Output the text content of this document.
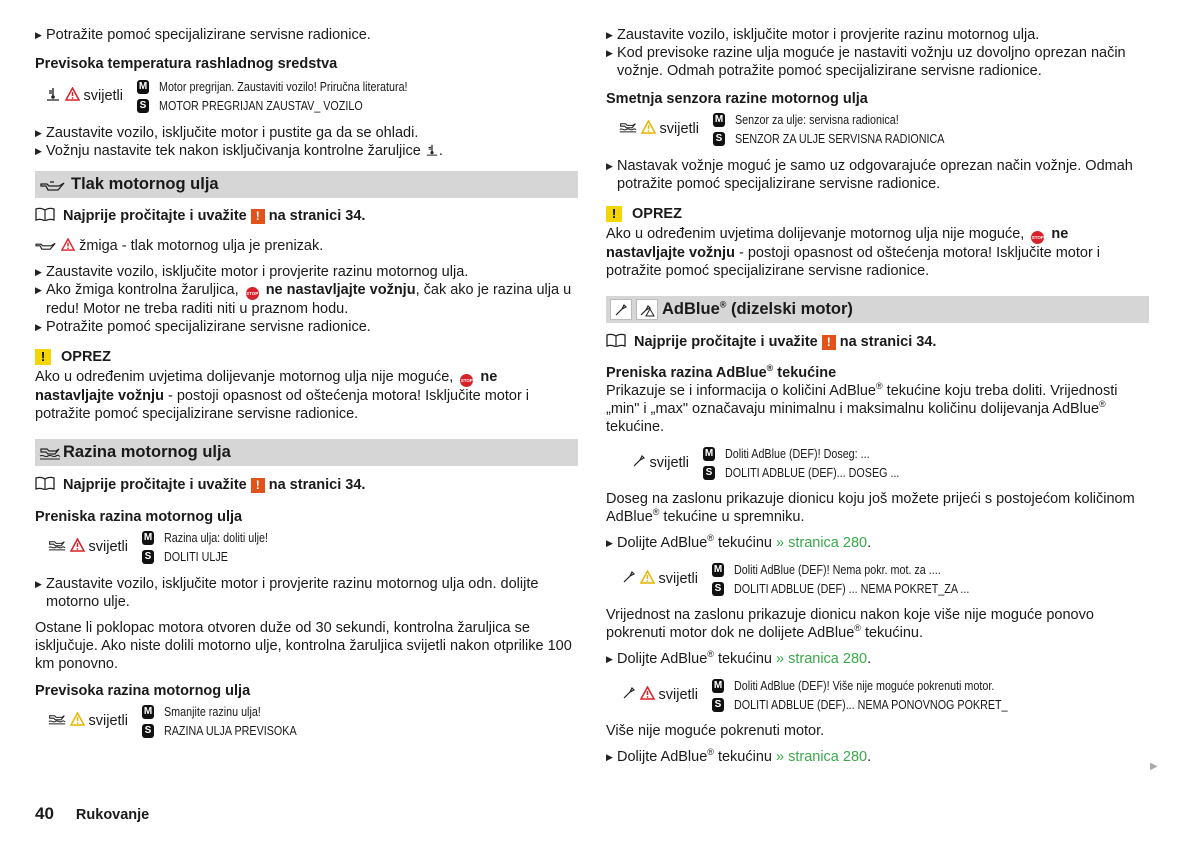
▶ Potražite pomoć specijalizirane servisne radionice.
Previsoka temperatura rashladnog sredstva
svijetli
M Motor pregrijan. Zaustaviti vozilo! Priručna literatura!
S MOTOR PREGRIJAN ZAUSTAV_ VOZILO
▶ Zaustavite vozilo, isključite motor i pustite ga da se ohladi.
▶ Vožnju nastavite tek nakon isključivanja kontrolne žaruljice .
Tlak motornog ulja
Najprije pročitajte i uvažite ! na stranici 34.
žmiga - tlak motornog ulja je prenizak.
▶ Zaustavite vozilo, isključite motor i provjerite razinu motornog ulja.
▶ Ako žmiga kontrolna žaruljica, STOP ne nastavljajte vožnju, čak ako je razina ulja u redu! Motor ne treba raditi niti u praznom hodu.
▶ Potražite pomoć specijalizirane servisne radionice.
!	OPREZ
Ako u određenim uvjetima dolijevanje motornog ulja nije moguće, STOP ne nastavljajte vožnju - postoji opasnost od oštećenja motora! Isključite motor i potražite pomoć specijalizirane servisne radionice.
Razina motornog ulja
Najprije pročitajte i uvažite ! na stranici 34.
Preniska razina motornog ulja
svijetli
M Razina ulja: doliti ulje!
S DOLITI ULJE
▶ Zaustavite vozilo, isključite motor i provjerite razinu motornog ulja odn. dolijte motorno ulje.
Ostane li poklopac motora otvoren duže od 30 sekundi, kontrolna žaruljica se isključuje. Ako niste dolili motorno ulje, kontrolna žaruljica svijetli nakon otprilike 100 km ponovno.
Previsoka razina motornog ulja
svijetli
M Smanjite razinu ulja!
S RAZINA ULJA PREVISOKA
▶ Zaustavite vozilo, isključite motor i provjerite razinu motornog ulja.
▶ Kod previsoke razine ulja moguće je nastaviti vožnju uz dovoljno oprezan način vožnje. Odmah potražite pomoć specijalizirane servisne radionice.
Smetnja senzora razine motornog ulja
svijetli
M Senzor za ulje: servisna radionica!
S SENZOR ZA ULJE SERVISNA RADIONICA
▶ Nastavak vožnje moguć je samo uz odgovarajuće oprezan način vožnje. Odmah potražite pomoć specijalizirane servisne radionice.
!	OPREZ
Ako u određenim uvjetima dolijevanje motornog ulja nije moguće, STOP ne nastavljajte vožnju - postoji opasnost od oštećenja motora! Isključite motor i potražite pomoć specijalizirane servisne radionice.
AdBlue® (dizelski motor)
Najprije pročitajte i uvažite ! na stranici 34.
Preniska razina AdBlue® tekućine
Prikazuje se i informacija o količini AdBlue® tekućine koju treba doliti. Vrijednosti „min" i „max" označavaju minimalnu i maksimalnu količinu dolijevanja AdBlue® tekućine.
svijetli
M Doliti AdBlue (DEF)! Doseg: ...
S DOLITI ADBLUE (DEF)... DOSEG ...
Doseg na zaslonu prikazuje dionicu koju još možete prijeći s postojećom količinom AdBlue® tekućine u spremniku.
▶ Dolijte AdBlue® tekućinu » stranica 280.
svijetli
M Doliti AdBlue (DEF)! Nema pokr. mot. za ....
S DOLITI ADBLUE (DEF) ... NEMA POKRET_ZA ...
Vrijednost na zaslonu prikazuje dionicu nakon koje više nije moguće ponovo pokrenuti motor dok ne dolijete AdBlue® tekućinu.
▶ Dolijte AdBlue® tekućinu » stranica 280.
svijetli
M Doliti AdBlue (DEF)! Više nije moguće pokrenuti motor.
S DOLITI ADBLUE (DEF)... NEMA PONOVNOG POKRET_
Više nije moguće pokrenuti motor.
▶ Dolijte AdBlue® tekućinu » stranica 280.
▶
40 Rukovanje
